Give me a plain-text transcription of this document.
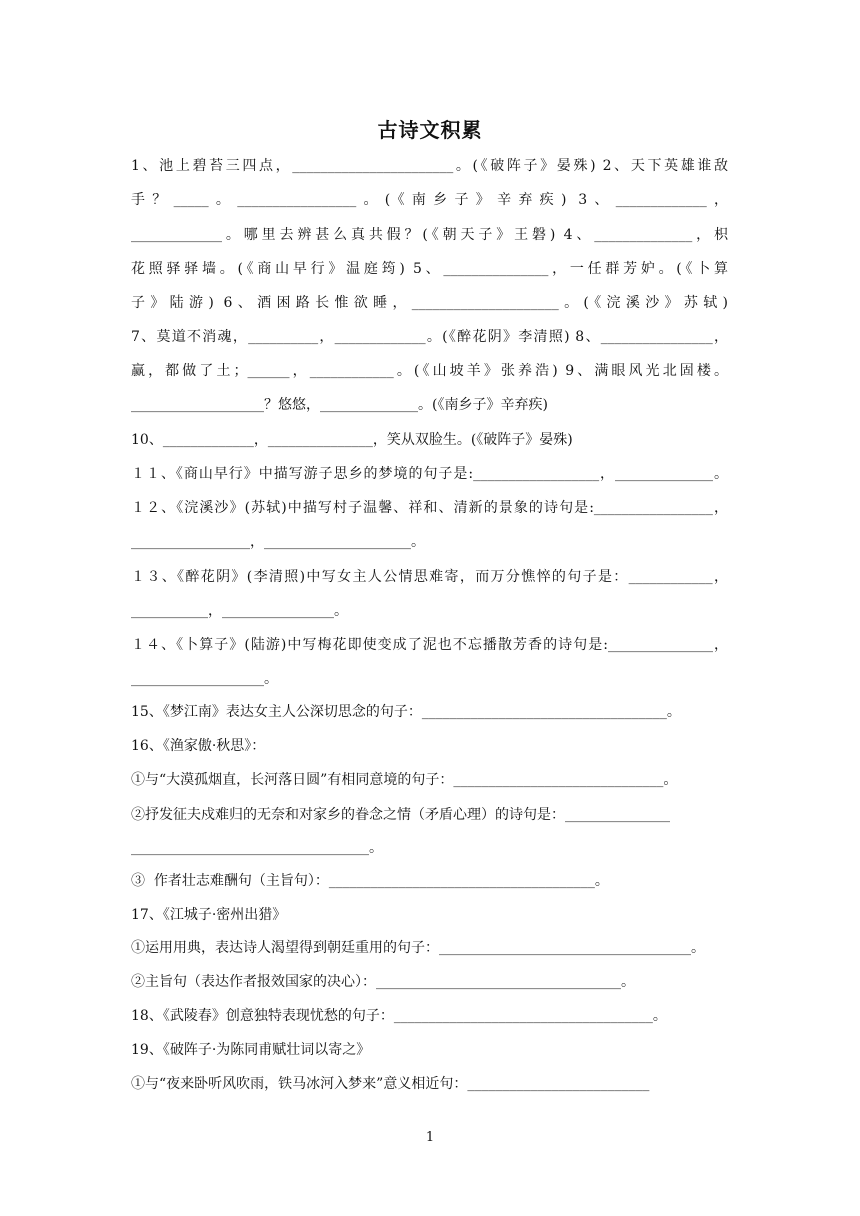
古诗文积累
1、池上碧苔三四点，_______________________。(《破阵子》晏殊) 2、天下英雄谁敌
手？_____。_________________。(《南乡子》辛弃疾) 3、_____________，
_____________。哪里去辨甚么真共假？(《朝天子》王磐) 4、______________，枳
花照驿驿墙。(《商山早行》温庭筠) 5、_______________，一任群芳妒。(《卜算
子》陆游) 6、酒困路长惟欲睡，_____________________。(《浣溪沙》苏轼)
7、莫道不消魂，__________，_____________。(《醉花阴》李清照) 8、________________，
赢，都做了土；______，____________。(《山坡羊》张养浩) 9、满眼风光北固楼。
___________________？悠悠，______________。(《南乡子》辛弃疾)
10、_____________，_______________，笑从双脸生。(《破阵子》晏殊)
１１、《商山早行》中描写游子思乡的梦境的句子是:__________________，______________。
１２、《浣溪沙》(苏轼)中描写村子温馨、祥和、清新的景象的诗句是:_________________，
_________________，_____________________。
１３、《醉花阴》(李清照)中写女主人公情思难寄，而万分憔悴的句子是：____________，
___________，________________。
１４、《卜算子》(陆游)中写梅花即使变成了泥也不忘播散芳香的诗句是:_______________，
___________________。
15、《梦江南》表达女主人公深切思念的句子：___________________________________。
16、《渔家傲·秋思》：
①与“大漠孤烟直，长河落日圆”有相同意境的句子：______________________________。
②抒发征夫戍难归的无奈和对家乡的眷念之情（矛盾心理）的诗句是：_______________
__________________________________。
③  作者壮志难酬句（主旨句）：______________________________________。
17、《江城子·密州出猎》
①运用用典，表达诗人渴望得到朝廷重用的句子：____________________________________。
②主旨句（表达作者报效国家的决心）：___________________________________。
18、《武陵春》创意独特表现忧愁的句子：_____________________________________。
19、《破阵子·为陈同甫赋壮词以寄之》
①与“夜来卧听风吹雨，铁马冰河入梦来”意义相近句：__________________________
1
